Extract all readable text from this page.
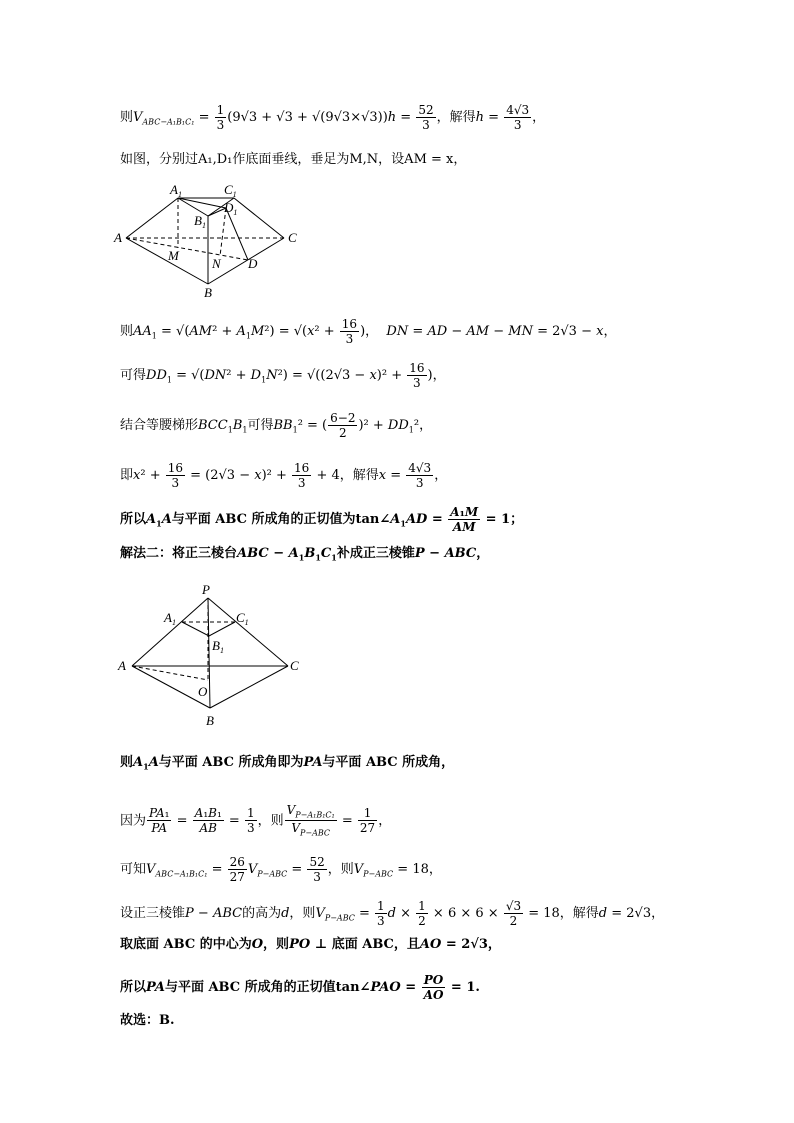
则$V_{ABC-A_1B_1C_1} = \frac{1}{3} (9√3 + √3 + √(9√3\times√3))h = \frac{52}{3}$ ，解得$h = \frac{4√3}{3}$ ，
如图，分别过A₁,D₁作底面垂线，垂足为M,N，设AM = x，
A
B
C
D
M
N
$A_1$
$B_1$
$C_1$
$D_1$
则$AA_1 = √(AM^2 + A_1M^2) = √(x^2 + \frac{16}{3}$ )，  DN = AD − AM − MN = 2√3 − x，
可得$DD_1 = √(DN^2 + D_1N^2) = √((2√3 - x)^2 + \frac{16}{3}$ )，
结合等腰梯形$BCC_1B_1$可得$BB_1^2$ = ( $\frac{6-2}{2} )^2 + DD_1^2$，
即$x^2 + \frac{16}{3} = (2√3 - x)^2 + \frac{16}{3} + 4$，解得$x = \frac{4√3}{3}$ ，
所以$A_1A$与平面 ABC 所成角的正切值为$\tan\angle A_1AD = \frac{\text{A₁M}}{AM} = 1$；
解法二：将正三棱台ABC − $A_1B_1C_1$补成正三棱锥P − ABC，
P
A
B
C
O
$A_1$
$B_1$
$C_1$
则$A_1A$与平面 ABC 所成角即为PA与平面 ABC 所成角，
因为 $\frac{\text{PA₁}}{PA} = \frac{\text{A₁B₁}}{AB} = \frac{1}{3}$ ，则 $\frac{V_{P-A_1B_1C_1}}{V_{P-ABC}} = \frac{1}{27}$ ，
可知$V_{ABC-A_1B_1C_1} = \frac{26}{27} V_{P-ABC} = \frac{52}{3}$ ，则$V_{P-ABC} = 18$，
设正三棱锥P − ABC的高为d，则$V_{P-ABC} = \frac{1}{3}$ $d \times \frac{1}{2} \times 6 \times 6 \times \frac{√3}{2} = 18$，解得d = 2√3，
取底面 ABC 的中心为O，则PO ⊥ 底面 ABC，且AO = 2√3，
所以PA与平面 ABC 所成角的正切值tan∠PAO = $\frac{PO}{AO} = 1$.
故选：B.
